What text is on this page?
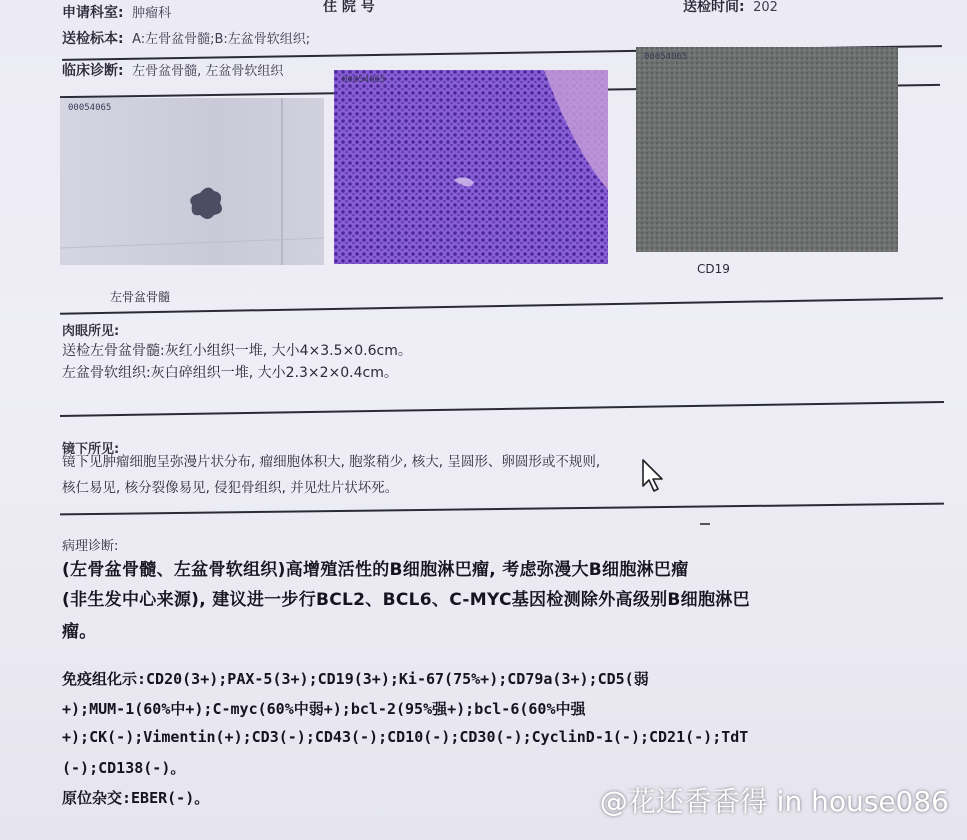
申请科室: 肿瘤科	住 院 号	送检时间: 202
送检标本: A:左骨盆骨髓;B:左盆骨软组织;
临床诊断: 左骨盆骨髓, 左盆骨软组织
00054065
左骨盆骨髓
00054065
00054065
CD19
肉眼所见:
送检左骨盆骨髓:灰红小组织一堆, 大小4×3.5×0.6cm。
左盆骨软组织:灰白碎组织一堆, 大小2.3×2×0.4cm。
镜下所见:
镜下见肿瘤细胞呈弥漫片状分布, 瘤细胞体积大, 胞浆稍少, 核大, 呈圆形、卵圆形或不规则,
核仁易见, 核分裂像易见, 侵犯骨组织, 并见灶片状坏死。
病理诊断:
(左骨盆骨髓、左盆骨软组织)高增殖活性的B细胞淋巴瘤, 考虑弥漫大B细胞淋巴瘤
(非生发中心来源), 建议进一步行BCL2、BCL6、C-MYC基因检测除外高级别B细胞淋巴
瘤。
免疫组化示:CD20(3+);PAX-5(3+);CD19(3+);Ki-67(75%+);CD79a(3+);CD5(弱
+);MUM-1(60%中+);C-myc(60%中弱+);bcl-2(95%强+);bcl-6(60%中强
+);CK(-);Vimentin(+);CD3(-);CD43(-);CD10(-);CD30(-);CyclinD-1(-);CD21(-);TdT
(-);CD138(-)。
原位杂交:EBER(-)。	@花还香香得 in house086
